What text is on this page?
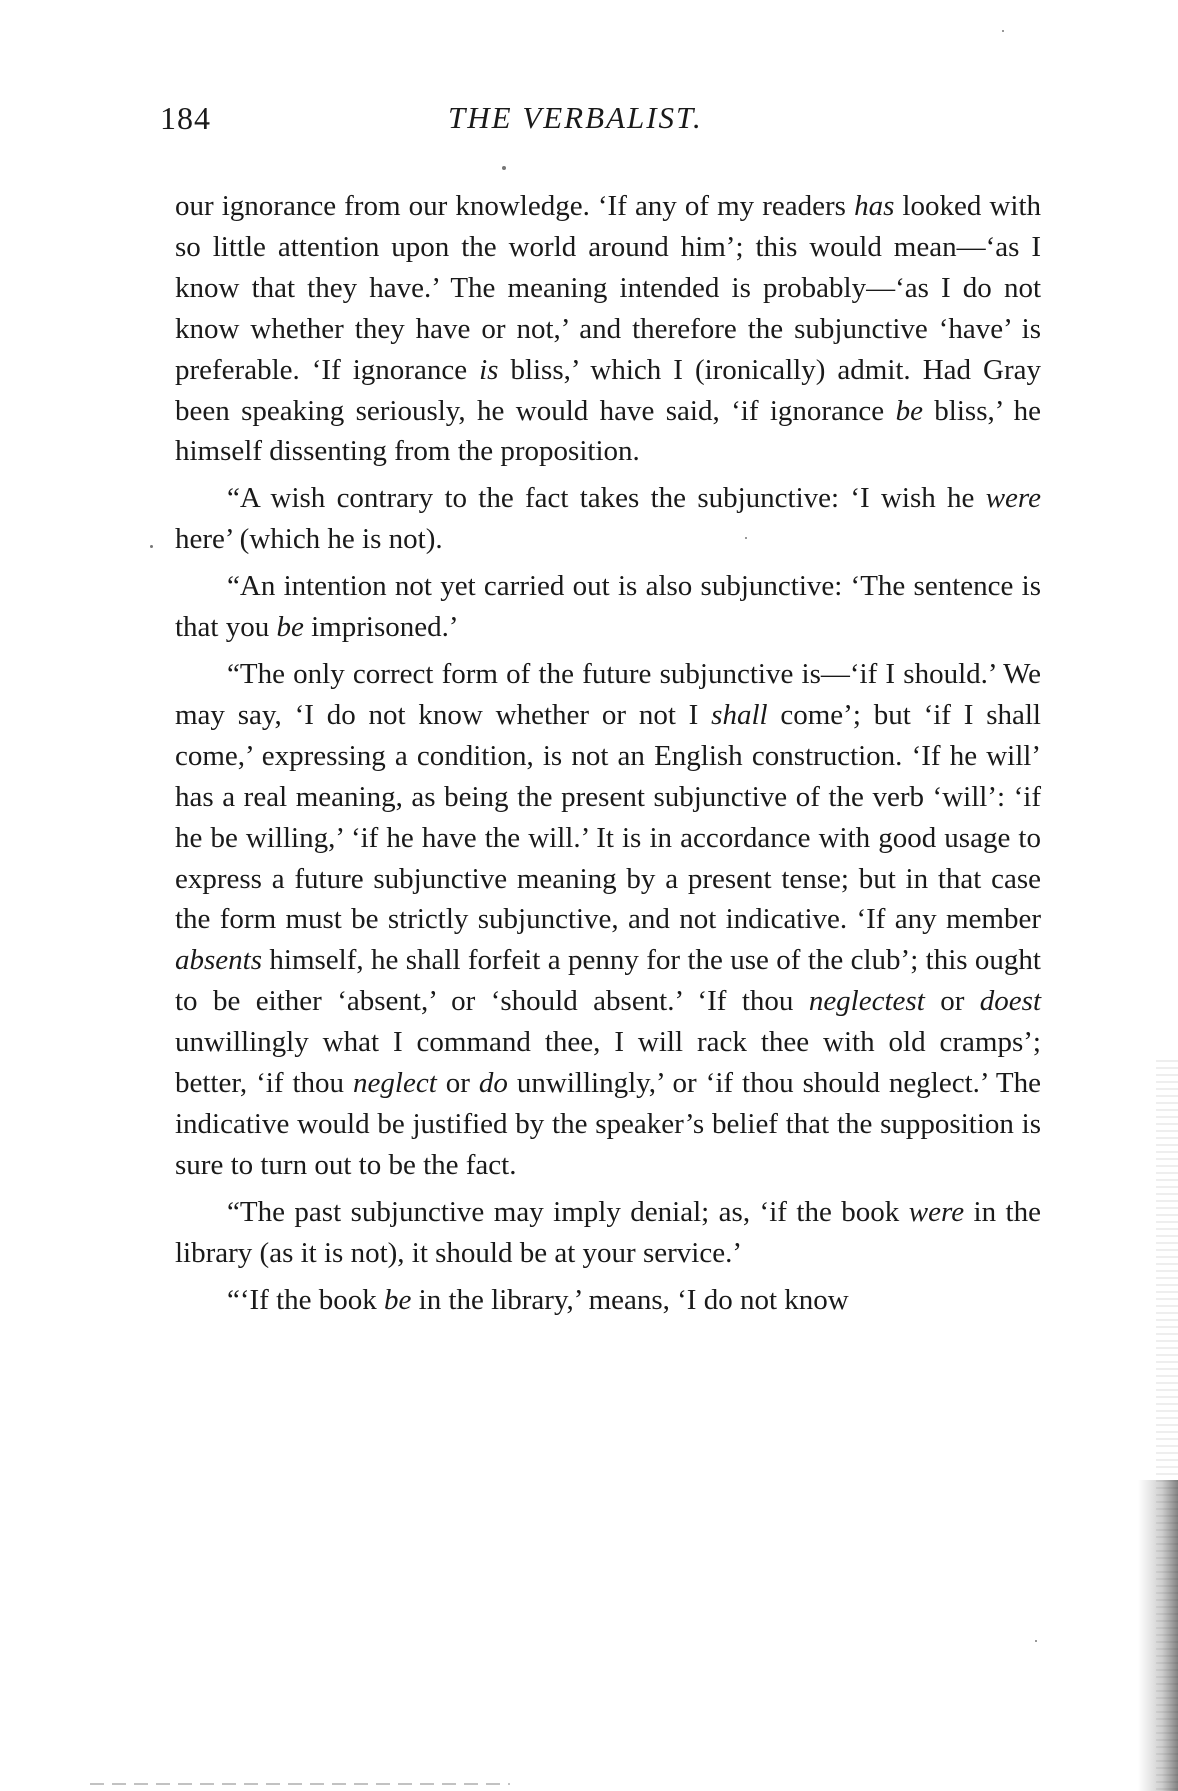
184	THE VERBALIST.

our ignorance from our knowledge. ‘If any of my readers has looked with so little attention upon the world around him’; this would mean—‘as I know that they have.’ The meaning intended is probably—‘as I do not know whether they have or not,’ and therefore the subjunctive ‘have’ is preferable. ‘If ignorance is bliss,’ which I (ironically) admit. Had Gray been speaking seriously, he would have said, ‘if ignorance be bliss,’ he himself dissenting from the proposition.

“A wish contrary to the fact takes the subjunctive: ‘I wish he were here’ (which he is not).

“An intention not yet carried out is also subjunctive: ‘The sentence is that you be imprisoned.’

“The only correct form of the future subjunctive is—‘if I should.’ We may say, ‘I do not know whether or not I shall come’; but ‘if I shall come,’ expressing a condition, is not an English construction. ‘If he will’ has a real meaning, as being the present subjunctive of the verb ‘will’: ‘if he be willing,’ ‘if he have the will.’ It is in accordance with good usage to express a future subjunctive meaning by a present tense; but in that case the form must be strictly subjunctive, and not indicative. ‘If any member absents himself, he shall forfeit a penny for the use of the club’; this ought to be either ‘absent,’ or ‘should absent.’ ‘If thou neglectest or doest unwillingly what I command thee, I will rack thee with old cramps’; better, ‘if thou neglect or do unwillingly,’ or ‘if thou should neglect.’ The indicative would be justified by the speaker’s belief that the supposition is sure to turn out to be the fact.

“The past subjunctive may imply denial; as, ‘if the book were in the library (as it is not), it should be at your service.’

“‘If the book be in the library,’ means, ‘I do not know
